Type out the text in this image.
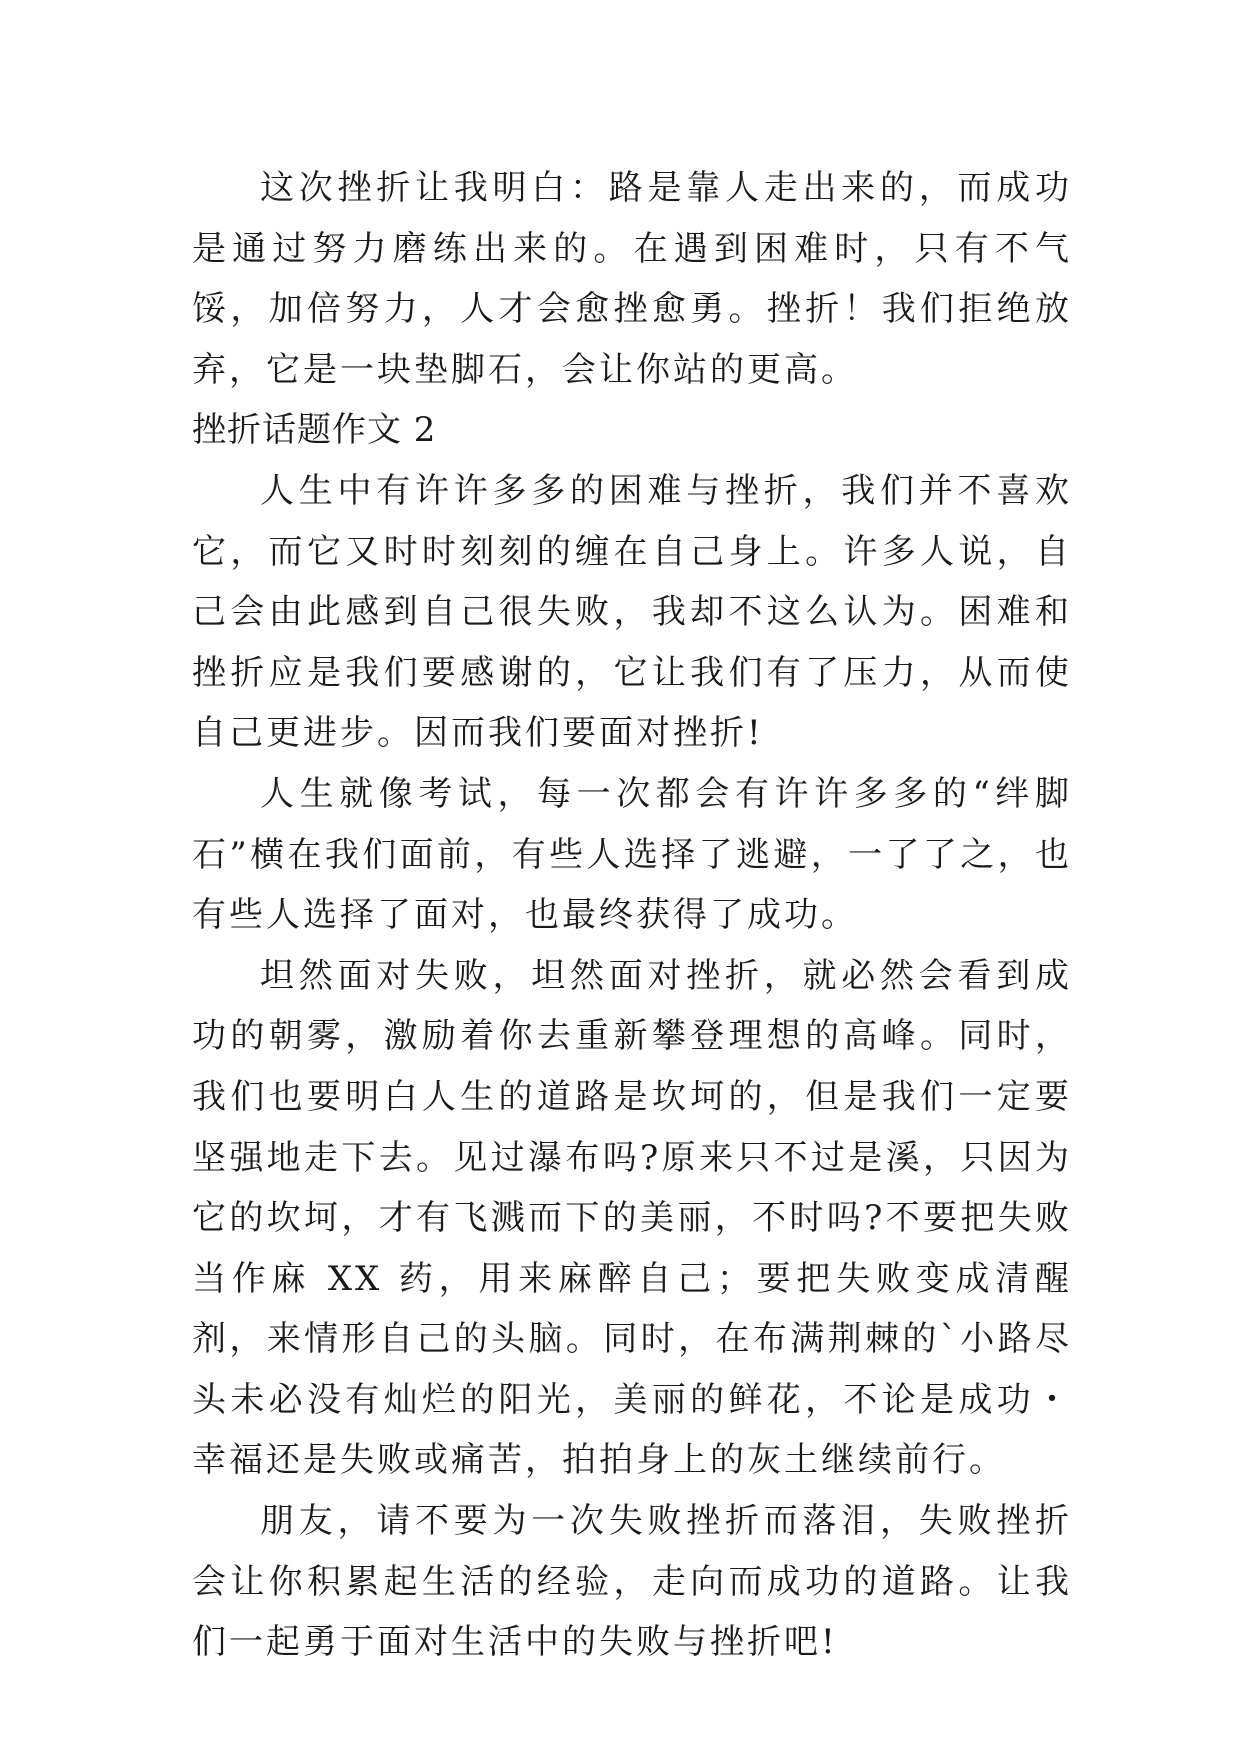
这次挫折让我明白：路是靠人走出来的，而成功是通过努力磨练出来的。在遇到困难时，只有不气馁，加倍努力，人才会愈挫愈勇。挫折！我们拒绝放弃，它是一块垫脚石，会让你站的更高。

挫折话题作文 2

人生中有许许多多的困难与挫折，我们并不喜欢它，而它又时时刻刻的缠在自己身上。许多人说，自己会由此感到自己很失败，我却不这么认为。困难和挫折应是我们要感谢的，它让我们有了压力，从而使自己更进步。因而我们要面对挫折!

人生就像考试，每一次都会有许许多多的“绊脚石”横在我们面前，有些人选择了逃避，一了了之，也有些人选择了面对，也最终获得了成功。

坦然面对失败，坦然面对挫折，就必然会看到成功的朝雾，激励着你去重新攀登理想的高峰。同时，我们也要明白人生的道路是坎坷的，但是我们一定要坚强地走下去。见过瀑布吗?原来只不过是溪，只因为它的坎坷，才有飞溅而下的美丽，不时吗?不要把失败当作麻 XX 药，用来麻醉自己；要把失败变成清醒剂，来情形自己的头脑。同时，在布满荆棘的`小路尽头未必没有灿烂的阳光，美丽的鲜花，不论是成功・幸福还是失败或痛苦，拍拍身上的灰土继续前行。

朋友，请不要为一次失败挫折而落泪，失败挫折会让你积累起生活的经验，走向而成功的道路。让我们一起勇于面对生活中的失败与挫折吧!
